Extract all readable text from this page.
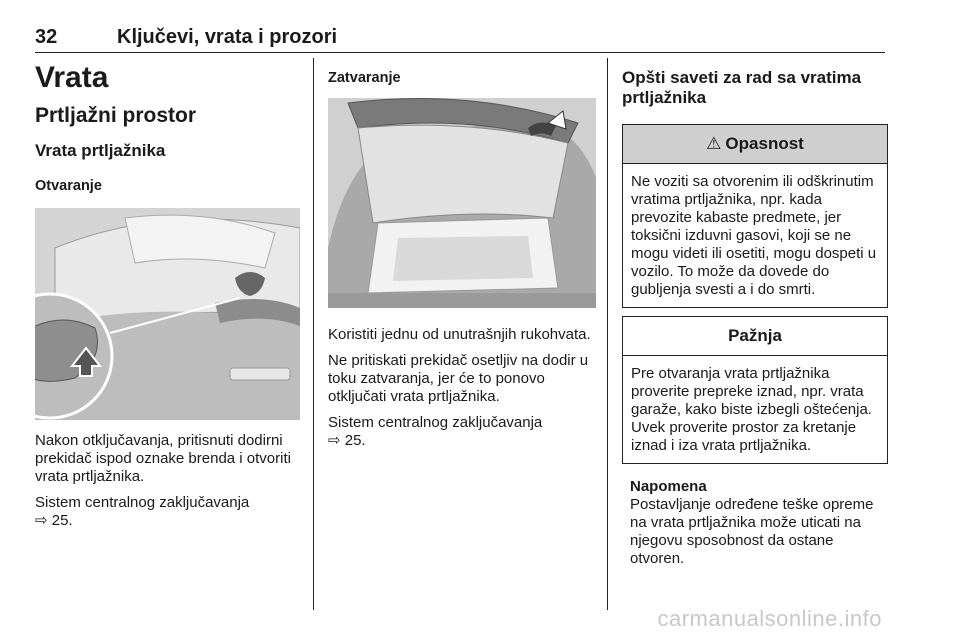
32	Ključevi, vrata i prozori
Vrata
Prtljažni prostor
Vrata prtljažnika
Otvaranje
Nakon otključavanja, pritisnuti dodirni prekidač ispod oznake brenda i otvoriti vrata prtljažnika.
Sistem centralnog zaključavanja
⇨ 25.
Zatvaranje
Koristiti jednu od unutrašnjih rukohvata.
Ne pritiskati prekidač osetljiv na dodir u toku zatvaranja, jer će to ponovo otključati vrata prtljažnika.
Sistem centralnog zaključavanja
⇨ 25.
Opšti saveti za rad sa vratima prtljažnika
⚠ Opasnost
Ne voziti sa otvorenim ili odškrinutim vratima prtljažnika, npr. kada prevozite kabaste predmete, jer toksični izduvni gasovi, koji se ne mogu videti ili osetiti, mogu dospeti u vozilo. To može da dovede do gubljenja svesti a i do smrti.
Pažnja
Pre otvaranja vrata prtljažnika proverite prepreke iznad, npr. vrata garaže, kako biste izbegli oštećenja. Uvek proverite prostor za kretanje iznad i iza vrata prtljažnika.
Napomena
Postavljanje određene teške opreme na vrata prtljažnika može uticati na njegovu sposobnost da ostane otvoren.
carmanualsonline.info
